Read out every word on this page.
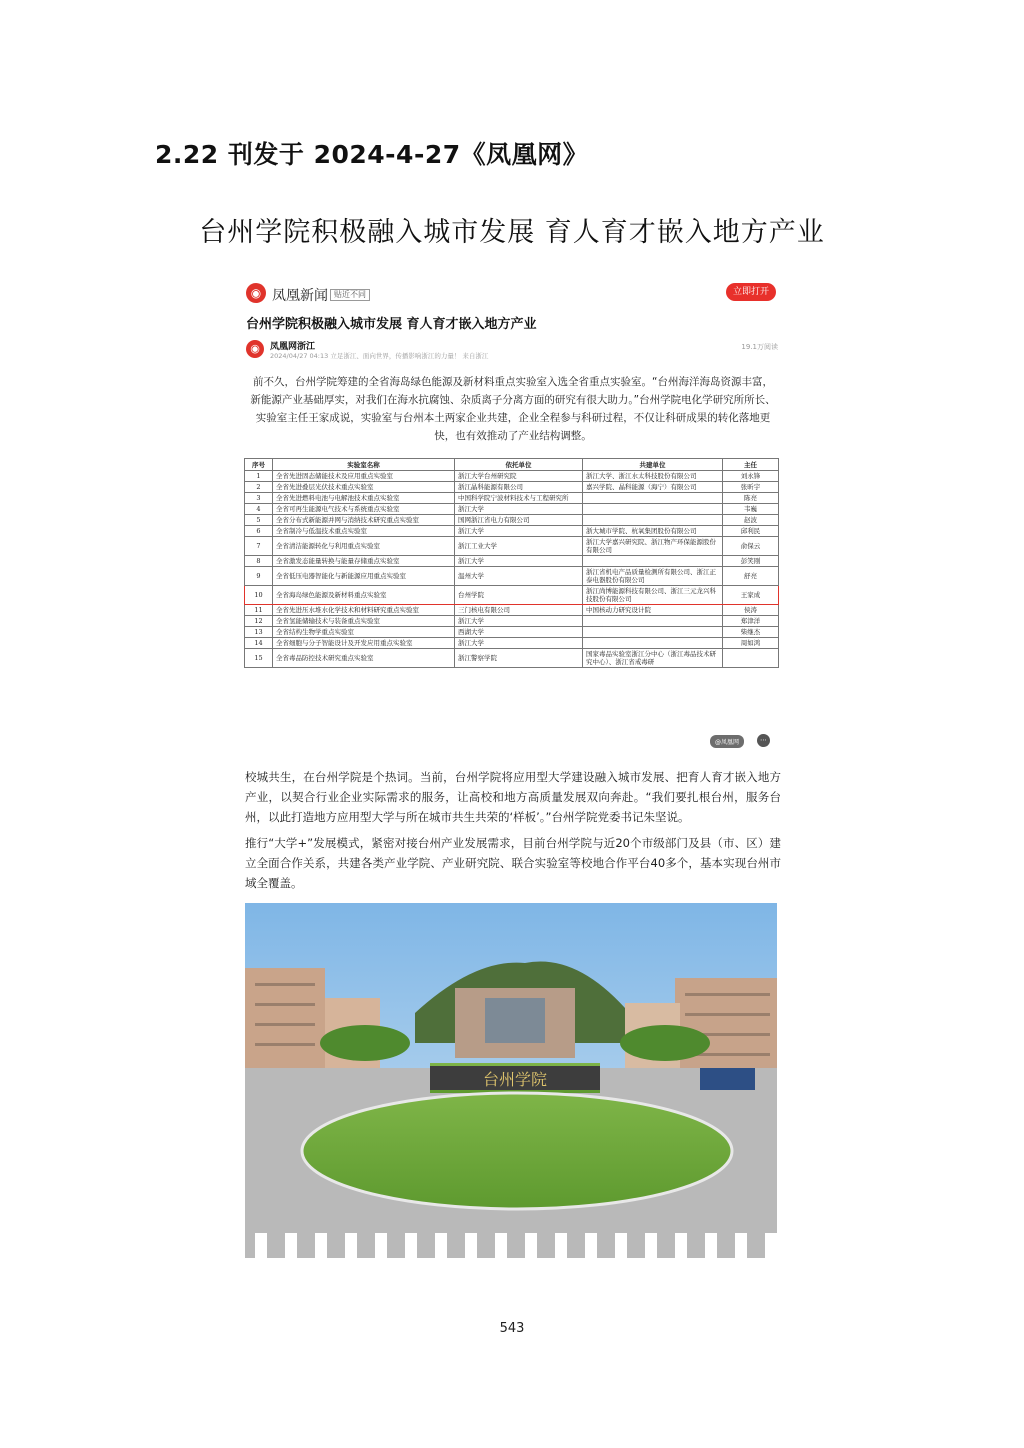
2.22 刊发于 2024-4-27《凤凰网》
台州学院积极融入城市发展 育人育才嵌入地方产业
◉ 凤凰新闻 贴近不同	立即打开
台州学院积极融入城市发展 育人育才嵌入地方产业
◉	凤凰网浙江
2024/04/27 04:13 立足浙江、面向世界，传播影响浙江的力量！ 来自浙江
19.1万阅读
前不久，台州学院筹建的全省海岛绿色能源及新材料重点实验室入选全省重点实验室。“台州海洋海岛资源丰富，新能源产业基础厚实，对我们在海水抗腐蚀、杂质离子分离方面的研究有很大助力。”台州学院电化学研究所所长、实验室主任王家成说，实验室与台州本土两家企业共建，企业全程参与科研过程，不仅让科研成果的转化落地更快，也有效推动了产业结构调整。
序号	实验室名称	依托单位	共建单位	主任
1	全省先进固态储能技术及应用重点实验室	浙江大学台州研究院	浙江大学、浙江水太科技股份有限公司	刘永锋
2	全省先进叠层光伏技术重点实验室	浙江晶科能源有限公司	嘉兴学院、晶科能源（海宁）有限公司	张昕宇
3	全省先进燃料电池与电解池技术重点实验室	中国科学院宁波材料技术与工程研究所		陈亮
4	全省可再生能源电气技术与系统重点实验室	浙江大学		韦巍
5	全省分布式新能源并网与消纳技术研究重点实验室	国网浙江省电力有限公司		赵波
6	全省制冷与低温技术重点实验室	浙江大学	浙大城市学院、杭氧集团股份有限公司	邱利民
7	全省清洁能源转化与利用重点实验室	浙江工业大学	浙江大学嘉兴研究院、浙江物产环保能源股份有限公司	俞保云
8	全省激发态能量转换与能量存储重点实验室	浙江大学		彭笑刚
9	全省低压电器智能化与新能源应用重点实验室	温州大学	浙江省机电产品质量检测所有限公司、浙江正泰电器股份有限公司	舒亮
10	全省海岛绿色能源及新材料重点实验室	台州学院	浙江尚博能源科技有限公司、浙江三元龙兴科技股份有限公司	王家成
11	全省先进压水堆水化学技术和材料研究重点实验室	三门核电有限公司	中国核动力研究设计院	侯涛
12	全省氢能储输技术与装备重点实验室	浙江大学		郑津洋
13	全省结构生物学重点实验室	西湖大学		柴继杰
14	全省细胞与分子智能设计及开发应用重点实验室	浙江大学		周如鸿
15	全省毒品防控技术研究重点实验室	浙江警察学院	国家毒品实验室浙江分中心（浙江毒品技术研究中心）、浙江省戒毒研	
@凤凰网	⋯
校城共生，在台州学院是个热词。当前，台州学院将应用型大学建设融入城市发展、把育人育才嵌入地方产业，以契合行业企业实际需求的服务，让高校和地方高质量发展双向奔赴。“我们要扎根台州，服务台州，以此打造地方应用型大学与所在城市共生共荣的‘样板’。”台州学院党委书记朱坚说。
推行“大学+”发展模式，紧密对接台州产业发展需求，目前台州学院与近20个市级部门及县（市、区）建立全面合作关系，共建各类产业学院、产业研究院、联合实验室等校地合作平台40多个，基本实现台州市域全覆盖。
台州学院
543
